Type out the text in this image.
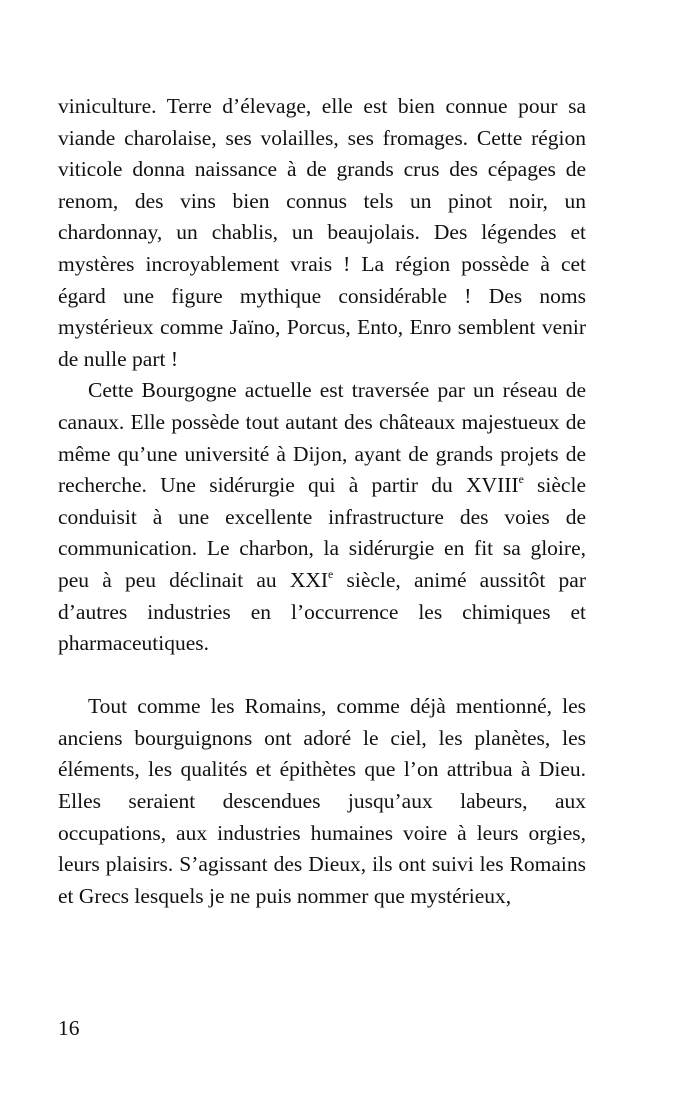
viniculture. Terre d’élevage, elle est bien connue pour sa viande charolaise, ses volailles, ses fromages. Cette région viticole donna naissance à de grands crus des cépages de renom, des vins bien connus tels un pinot noir, un chardonnay, un chablis, un beaujolais. Des légendes et mystères incroyablement vrais ! La région possède à cet égard une figure mythique considérable ! Des noms mystérieux comme Jaïno, Porcus, Ento, Enro semblent venir de nulle part !

Cette Bourgogne actuelle est traversée par un réseau de canaux. Elle possède tout autant des châteaux majestueux de même qu’une université à Dijon, ayant de grands projets de recherche. Une sidérurgie qui à partir du XVIIIe siècle conduisit à une excellente infrastructure des voies de communication. Le charbon, la sidérurgie en fit sa gloire, peu à peu déclinait au XXIe siècle, animé aussitôt par d’autres industries en l’occurrence les chimiques et pharmaceutiques.

Tout comme les Romains, comme déjà mentionné, les anciens bourguignons ont adoré le ciel, les planètes, les éléments, les qualités et épithètes que l’on attribua à Dieu. Elles seraient descendues jusqu’aux labeurs, aux occupations, aux industries humaines voire à leurs orgies, leurs plaisirs. S’agissant des Dieux, ils ont suivi les Romains et Grecs lesquels je ne puis nommer que mystérieux,

16
